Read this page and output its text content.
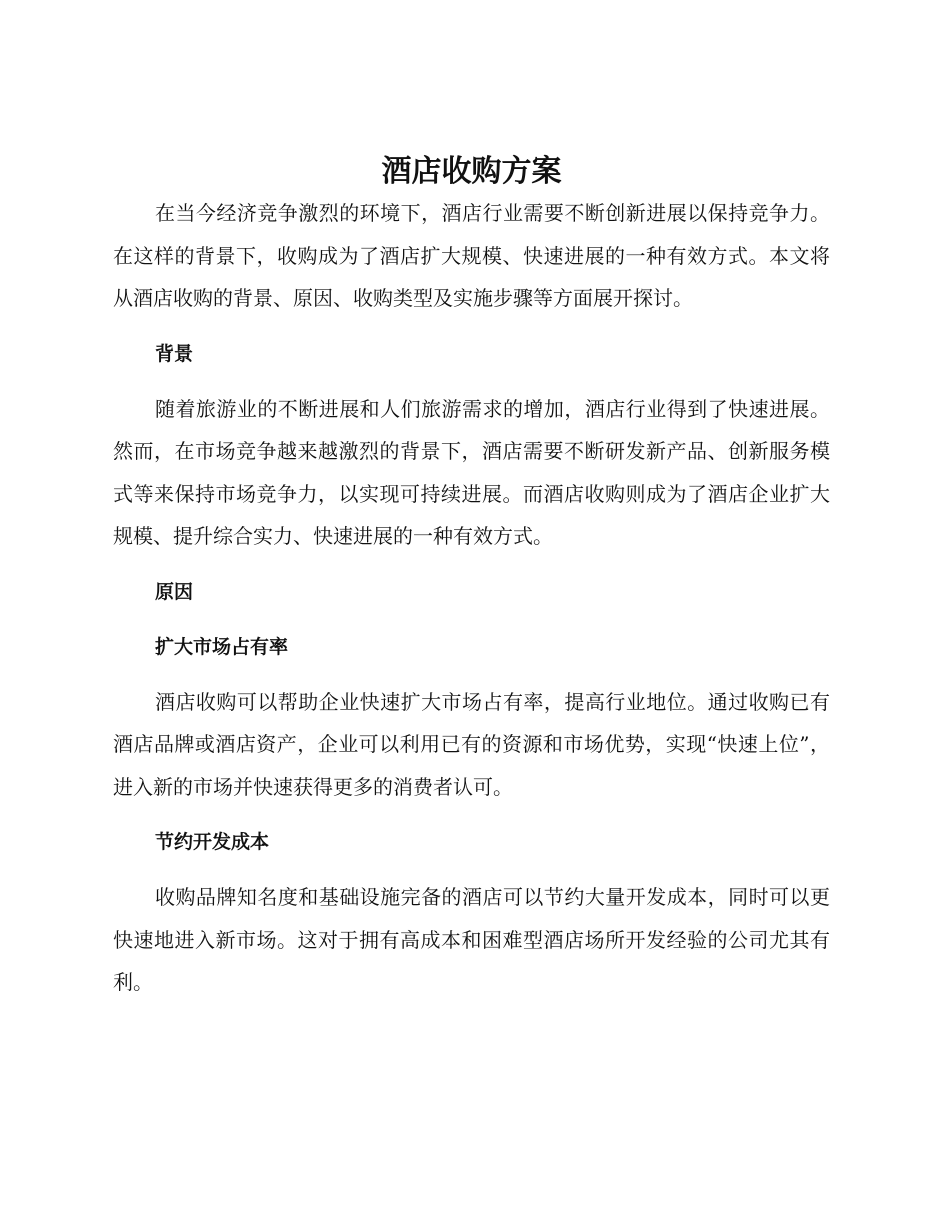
酒店收购方案

在当今经济竞争激烈的环境下，酒店行业需要不断创新进展以保持竞争力。在这样的背景下，收购成为了酒店扩大规模、快速进展的一种有效方式。本文将从酒店收购的背景、原因、收购类型及实施步骤等方面展开探讨。

背景

随着旅游业的不断进展和人们旅游需求的增加，酒店行业得到了快速进展。然而，在市场竞争越来越激烈的背景下，酒店需要不断研发新产品、创新服务模式等来保持市场竞争力，以实现可持续进展。而酒店收购则成为了酒店企业扩大规模、提升综合实力、快速进展的一种有效方式。

原因
扩大市场占有率

酒店收购可以帮助企业快速扩大市场占有率，提高行业地位。通过收购已有酒店品牌或酒店资产，企业可以利用已有的资源和市场优势，实现“快速上位”，进入新的市场并快速获得更多的消费者认可。

节约开发成本

收购品牌知名度和基础设施完备的酒店可以节约大量开发成本，同时可以更快速地进入新市场。这对于拥有高成本和困难型酒店场所开发经验的公司尤其有利。
